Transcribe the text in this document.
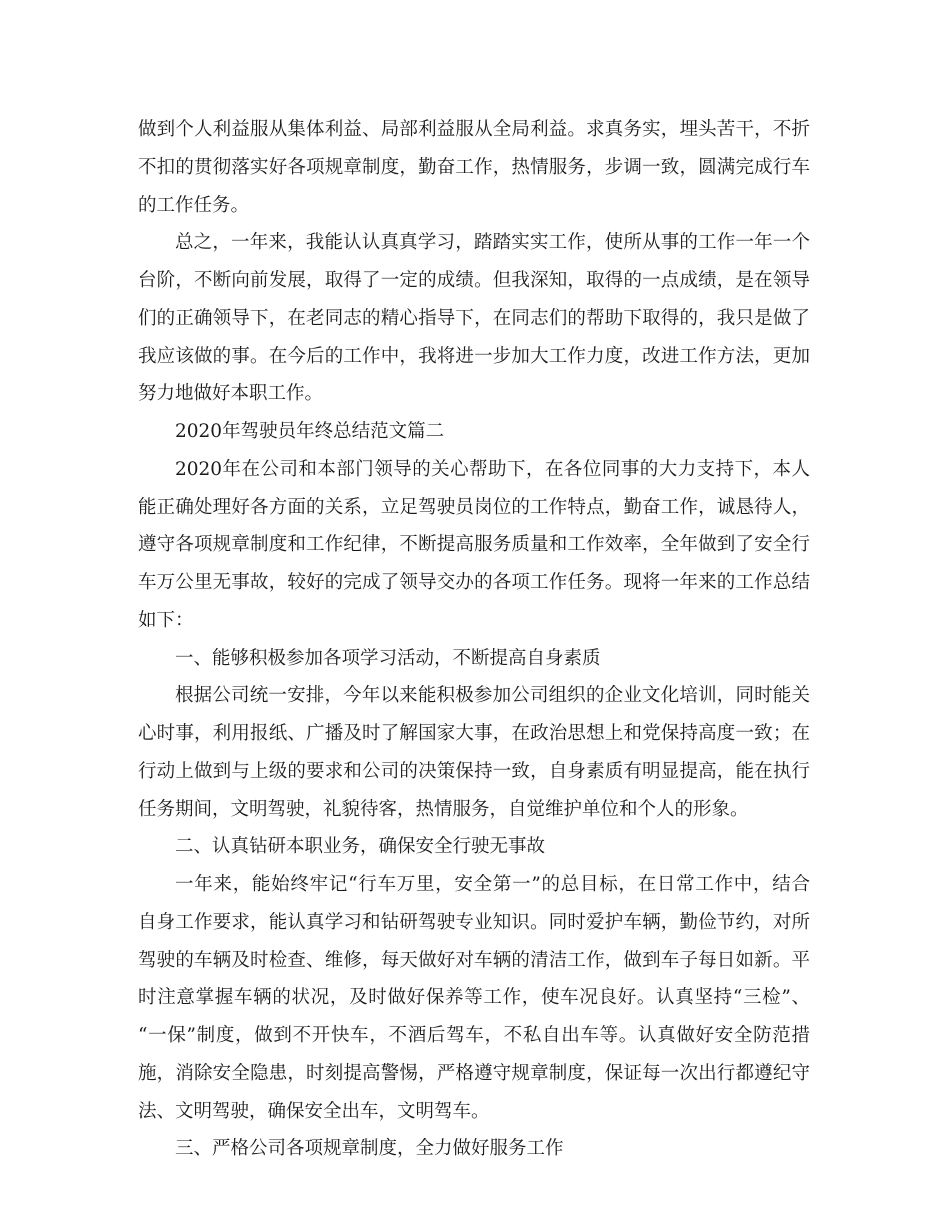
做到个人利益服从集体利益、局部利益服从全局利益。求真务实，埋头苦干，不折
不扣的贯彻落实好各项规章制度，勤奋工作，热情服务，步调一致，圆满完成行车
的工作任务。
总之，一年来，我能认认真真学习，踏踏实实工作，使所从事的工作一年一个
台阶，不断向前发展，取得了一定的成绩。但我深知，取得的一点成绩，是在领导
们的正确领导下，在老同志的精心指导下，在同志们的帮助下取得的，我只是做了
我应该做的事。在今后的工作中，我将进一步加大工作力度，改进工作方法，更加
努力地做好本职工作。
2020年驾驶员年终总结范文篇二
2020年在公司和本部门领导的关心帮助下，在各位同事的大力支持下，本人
能正确处理好各方面的关系，立足驾驶员岗位的工作特点，勤奋工作，诚恳待人，
遵守各项规章制度和工作纪律，不断提高服务质量和工作效率，全年做到了安全行
车万公里无事故，较好的完成了领导交办的各项工作任务。现将一年来的工作总结
如下：
一、能够积极参加各项学习活动，不断提高自身素质
根据公司统一安排，今年以来能积极参加公司组织的企业文化培训，同时能关
心时事，利用报纸、广播及时了解国家大事，在政治思想上和党保持高度一致；在
行动上做到与上级的要求和公司的决策保持一致，自身素质有明显提高，能在执行
任务期间，文明驾驶，礼貌待客，热情服务，自觉维护单位和个人的形象。
二、认真钻研本职业务，确保安全行驶无事故
一年来，能始终牢记“行车万里，安全第一”的总目标，在日常工作中，结合
自身工作要求，能认真学习和钻研驾驶专业知识。同时爱护车辆，勤俭节约，对所
驾驶的车辆及时检查、维修，每天做好对车辆的清洁工作，做到车子每日如新。平
时注意掌握车辆的状况，及时做好保养等工作，使车况良好。认真坚持“三检”、
“一保”制度，做到不开快车，不酒后驾车，不私自出车等。认真做好安全防范措
施，消除安全隐患，时刻提高警惕，严格遵守规章制度，保证每一次出行都遵纪守
法、文明驾驶，确保安全出车，文明驾车。
三、严格公司各项规章制度，全力做好服务工作
